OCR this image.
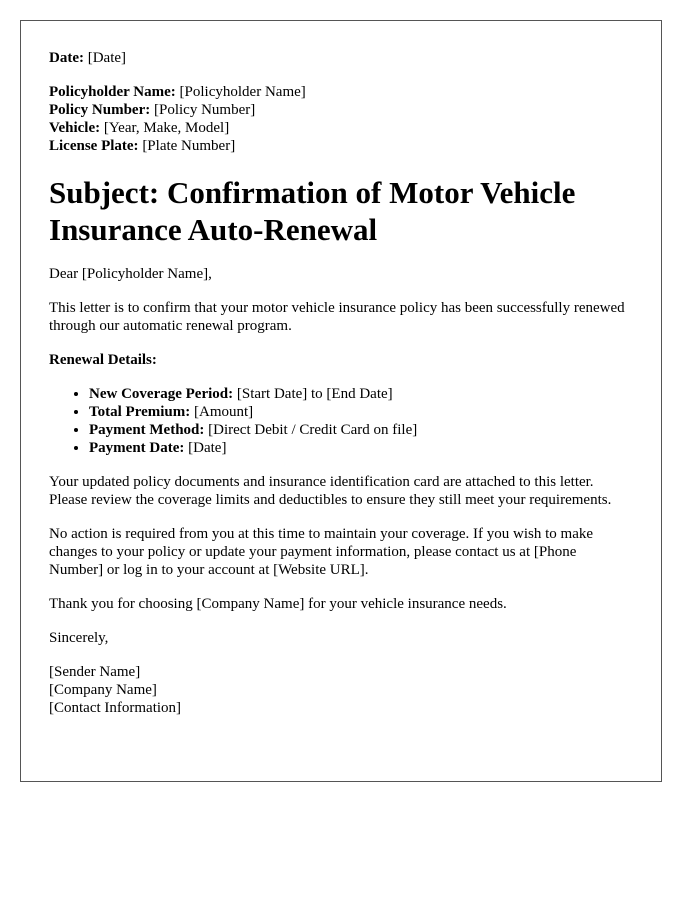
Date: [Date]
Policyholder Name: [Policyholder Name]
Policy Number: [Policy Number]
Vehicle: [Year, Make, Model]
License Plate: [Plate Number]
Subject: Confirmation of Motor Vehicle Insurance Auto-Renewal

Dear [Policyholder Name],

This letter is to confirm that your motor vehicle insurance policy has been successfully renewed through our automatic renewal program.

Renewal Details:
• New Coverage Period: [Start Date] to [End Date]
• Total Premium: [Amount]
• Payment Method: [Direct Debit / Credit Card on file]
• Payment Date: [Date]

Your updated policy documents and insurance identification card are attached to this letter. Please review the coverage limits and deductibles to ensure they still meet your requirements.

No action is required from you at this time to maintain your coverage. If you wish to make changes to your policy or update your payment information, please contact us at [Phone Number] or log in to your account at [Website URL].

Thank you for choosing [Company Name] for your vehicle insurance needs.

Sincerely,

[Sender Name]
[Company Name]
[Contact Information]
